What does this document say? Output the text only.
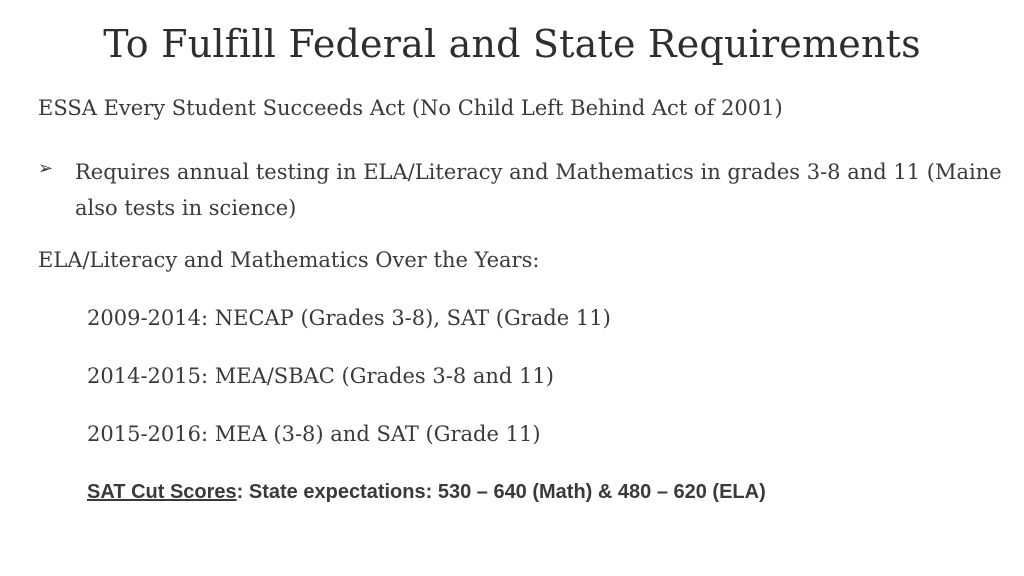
To Fulfill Federal and State Requirements
ESSA Every Student Succeeds Act (No Child Left Behind Act of 2001)
➢ Requires annual testing in ELA/Literacy and Mathematics in grades 3-8 and 11 (Maine also tests in science)
ELA/Literacy and Mathematics Over the Years:
2009-2014: NECAP (Grades 3-8), SAT (Grade 11)
2014-2015: MEA/SBAC (Grades 3-8 and 11)
2015-2016: MEA (3-8) and SAT (Grade 11)
SAT Cut Scores: State expectations: 530 – 640 (Math) & 480 – 620 (ELA)
